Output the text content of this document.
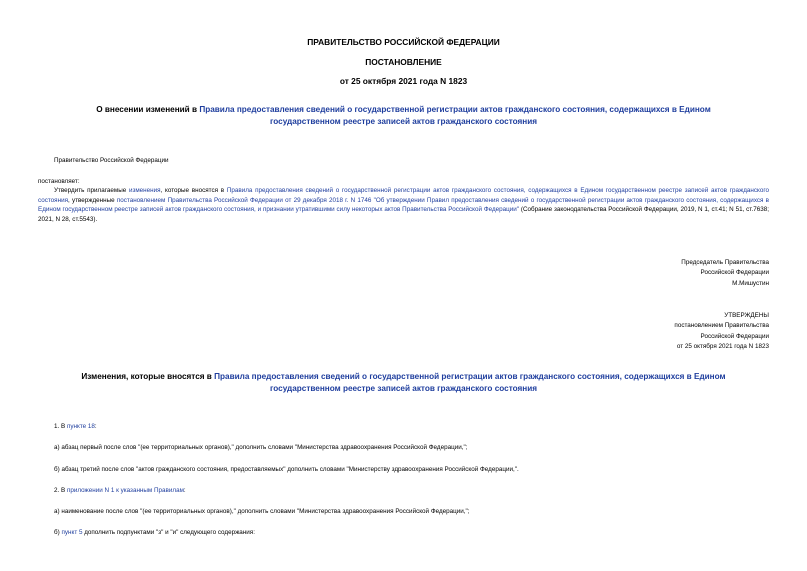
ПРАВИТЕЛЬСТВО РОССИЙСКОЙ ФЕДЕРАЦИИ
ПОСТАНОВЛЕНИЕ
от 25 октября 2021 года N 1823
О внесении изменений в Правила предоставления сведений о государственной регистрации актов гражданского состояния, содержащихся в Едином государственном реестре записей актов гражданского состояния
Правительство Российской Федерации
постановляет:
Утвердить прилагаемые изменения, которые вносятся в Правила предоставления сведений о государственной регистрации актов гражданского состояния, содержащихся в Едином государственном реестре записей актов гражданского состояния, утвержденные постановлением Правительства Российской Федерации от 29 декабря 2018 г. N 1746 "Об утверждении Правил предоставления сведений о государственной регистрации актов гражданского состояния, содержащихся в Едином государственном реестре записей актов гражданского состояния, и признании утратившими силу некоторых актов Правительства Российской Федерации" (Собрание законодательства Российской Федерации, 2019, N 1, ст.41; N 51, ст.7638; 2021, N 28, ст.5543).
Председатель Правительства
Российской Федерации
М.Мишустин
УТВЕРЖДЕНЫ
постановлением Правительства
Российской Федерации
от 25 октября 2021 года N 1823
Изменения, которые вносятся в Правила предоставления сведений о государственной регистрации актов гражданского состояния, содержащихся в Едином государственном реестре записей актов гражданского состояния
1. В пункте 18:
а) абзац первый после слов "(ее территориальных органов)," дополнить словами "Министерства здравоохранения Российской Федерации,";
б) абзац третий после слов "актов гражданского состояния, предоставляемых" дополнить словами "Министерству здравоохранения Российской Федерации,".
2. В приложении N 1 к указанным Правилам:
а) наименование после слов "(ее территориальных органов)," дополнить словами "Министерства здравоохранения Российской Федерации,";
б) пункт 5 дополнить подпунктами "з" и "и" следующего содержания:
